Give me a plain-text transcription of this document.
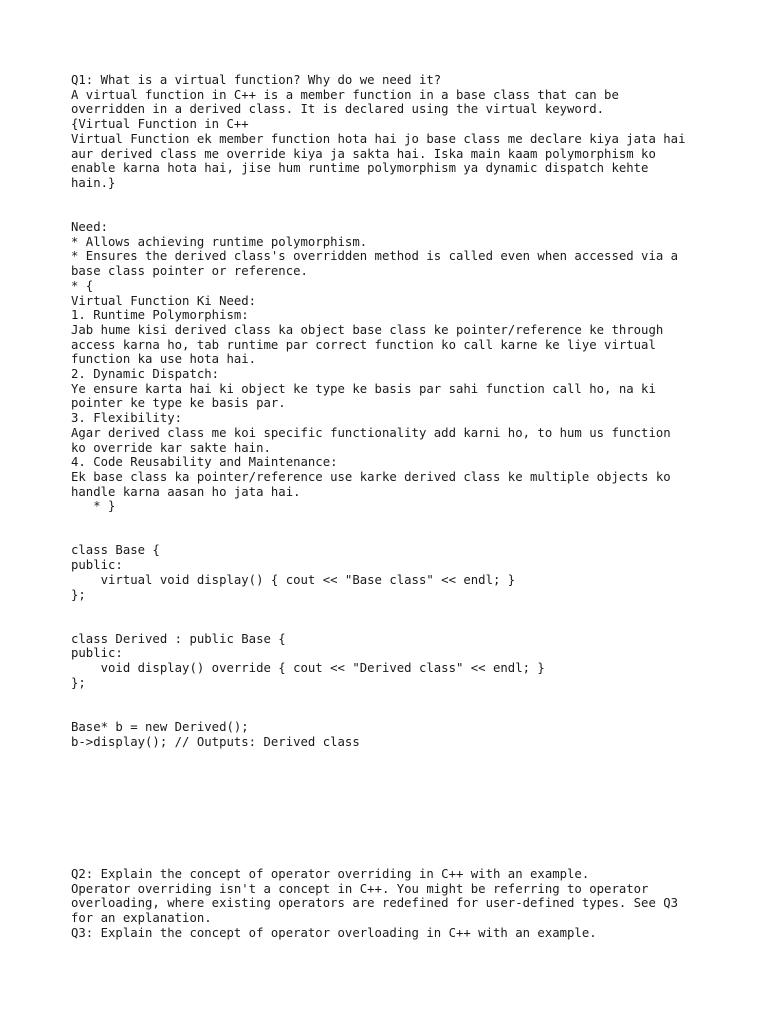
Q1: What is a virtual function? Why do we need it?
A virtual function in C++ is a member function in a base class that can be
overridden in a derived class. It is declared using the virtual keyword.
{Virtual Function in C++
Virtual Function ek member function hota hai jo base class me declare kiya jata hai
aur derived class me override kiya ja sakta hai. Iska main kaam polymorphism ko
enable karna hota hai, jise hum runtime polymorphism ya dynamic dispatch kehte
hain.}
Need:
* Allows achieving runtime polymorphism.
* Ensures the derived class's overridden method is called even when accessed via a
base class pointer or reference.
* {
Virtual Function Ki Need:
1. Runtime Polymorphism:
Jab hume kisi derived class ka object base class ke pointer/reference ke through
access karna ho, tab runtime par correct function ko call karne ke liye virtual
function ka use hota hai.
2. Dynamic Dispatch:
Ye ensure karta hai ki object ke type ke basis par sahi function call ho, na ki
pointer ke type ke basis par.
3. Flexibility:
Agar derived class me koi specific functionality add karni ho, to hum us function
ko override kar sakte hain.
4. Code Reusability and Maintenance:
Ek base class ka pointer/reference use karke derived class ke multiple objects ko
handle karna aasan ho jata hai.
* }
class Base {
public:
virtual void display() { cout << "Base class" << endl; }
};
class Derived : public Base {
public:
void display() override { cout << "Derived class" << endl; }
};
Base* b = new Derived();
b->display(); // Outputs: Derived class
Q2: Explain the concept of operator overriding in C++ with an example.
Operator overriding isn't a concept in C++. You might be referring to operator
overloading, where existing operators are redefined for user-defined types. See Q3
for an explanation.
Q3: Explain the concept of operator overloading in C++ with an example.
